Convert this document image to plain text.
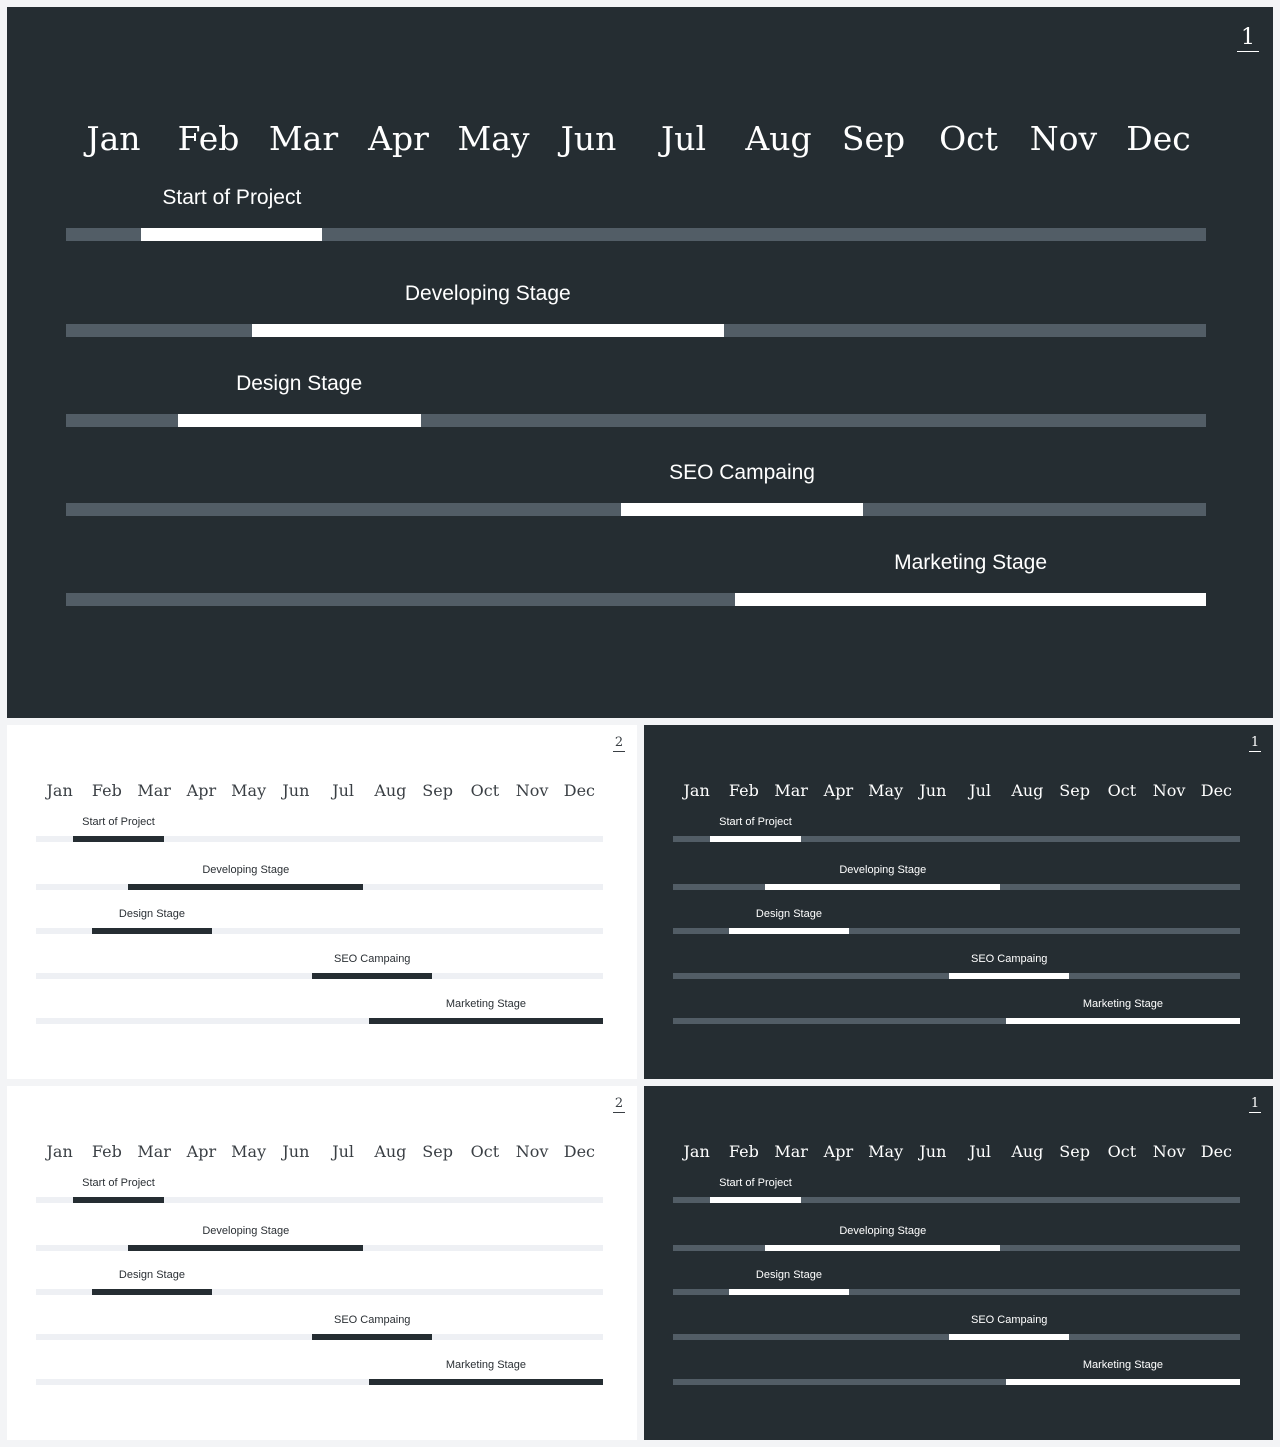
1
Jan	Feb Mar Apr May Jun	Jul	Aug Sep	Oct Nov Dec
Start of Project
Developing Stage
Design Stage
SEO Campaing
Marketing Stage
2
Jan	Feb Mar Apr May	Jun	Jul	Aug Sep	Oct	Nov Dec
Start of Project
Developing Stage
Design Stage
SEO Campaing
Marketing Stage
1
Jan	Feb Mar Apr May	Jun	Jul	Aug Sep	Oct	Nov Dec
Start of Project
Developing Stage
Design Stage
SEO Campaing
Marketing Stage
2
Jan	Feb Mar Apr May	Jun	Jul	Aug Sep	Oct	Nov Dec
Start of Project
Developing Stage
Design Stage
SEO Campaing
Marketing Stage
1
Jan	Feb Mar Apr May	Jun	Jul	Aug Sep	Oct	Nov Dec
Start of Project
Developing Stage
Design Stage
SEO Campaing
Marketing Stage
